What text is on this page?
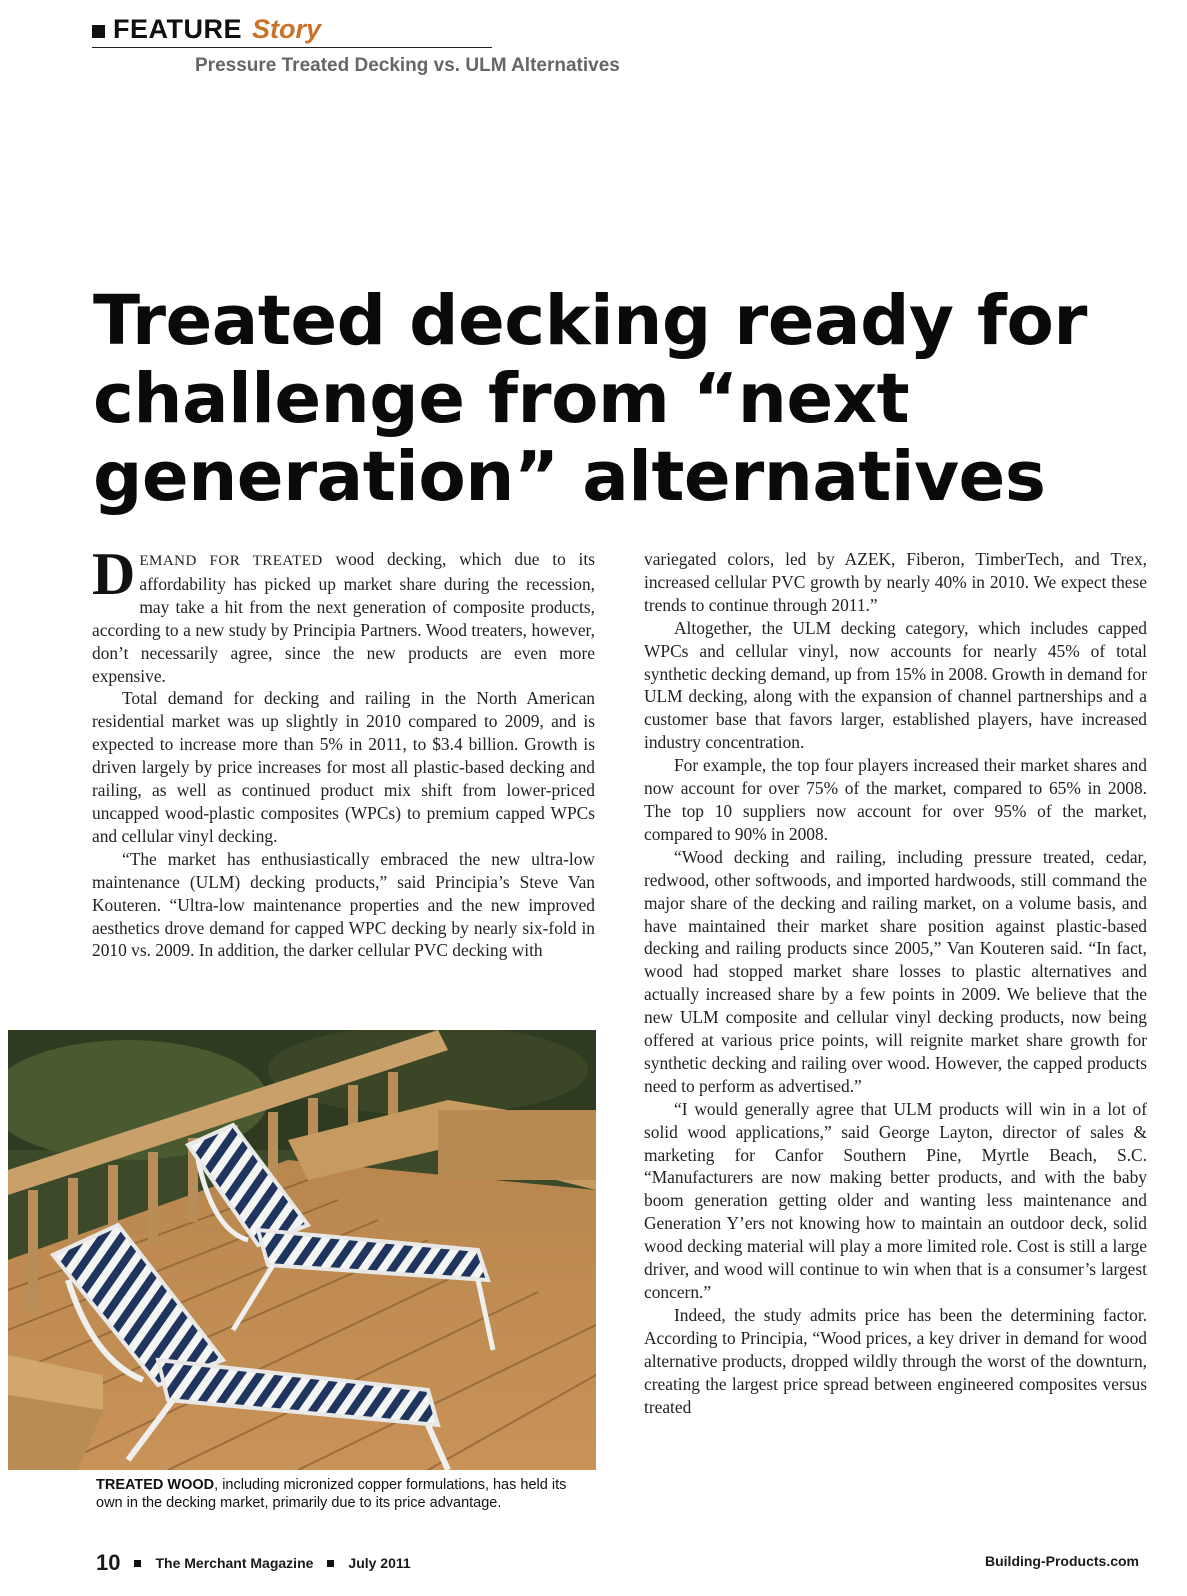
FEATURE Story
Pressure Treated Decking vs. ULM Alternatives
Treated decking ready for challenge from “next generation” alternatives

DEMAND FOR TREATED wood decking, which due to its affordability has picked up market share during the recession, may take a hit from the next generation of composite products, according to a new study by Principia Partners. Wood treaters, however, don’t necessarily agree, since the new products are even more expensive.

Total demand for decking and railing in the North American residential market was up slightly in 2010 compared to 2009, and is expected to increase more than 5% in 2011, to $3.4 billion. Growth is driven largely by price increases for most all plastic-based decking and railing, as well as continued product mix shift from lower-priced uncapped wood-plastic composites (WPCs) to premium capped WPCs and cellular vinyl decking.

“The market has enthusiastically embraced the new ultra-low maintenance (ULM) decking products,” said Principia’s Steve Van Kouteren. “Ultra-low maintenance properties and the new improved aesthetics drove demand for capped WPC decking by nearly six-fold in 2010 vs. 2009. In addition, the darker cellular PVC decking with

TREATED WOOD, including micronized copper formulations, has held its own in the decking market, primarily due to its price advantage.

variegated colors, led by AZEK, Fiberon, TimberTech, and Trex, increased cellular PVC growth by nearly 40% in 2010. We expect these trends to continue through 2011.”

Altogether, the ULM decking category, which includes capped WPCs and cellular vinyl, now accounts for nearly 45% of total synthetic decking demand, up from 15% in 2008. Growth in demand for ULM decking, along with the expansion of channel partnerships and a customer base that favors larger, established players, have increased industry concentration.

For example, the top four players increased their market shares and now account for over 75% of the market, compared to 65% in 2008. The top 10 suppliers now account for over 95% of the market, compared to 90% in 2008.

“Wood decking and railing, including pressure treated, cedar, redwood, other softwoods, and imported hardwoods, still command the major share of the decking and railing market, on a volume basis, and have maintained their market share position against plastic-based decking and railing products since 2005,” Van Kouteren said. “In fact, wood had stopped market share losses to plastic alternatives and actually increased share by a few points in 2009. We believe that the new ULM composite and cellular vinyl decking products, now being offered at various price points, will reignite market share growth for synthetic decking and railing over wood. However, the capped products need to perform as advertised.”

“I would generally agree that ULM products will win in a lot of solid wood applications,” said George Layton, director of sales & marketing for Canfor Southern Pine, Myrtle Beach, S.C. “Manufacturers are now making better products, and with the baby boom generation getting older and wanting less maintenance and Generation Y’ers not knowing how to maintain an outdoor deck, solid wood decking material will play a more limited role. Cost is still a large driver, and wood will continue to win when that is a consumer’s largest concern.”

Indeed, the study admits price has been the determining factor. According to Principia, “Wood prices, a key driver in demand for wood alternative products, dropped wildly through the worst of the downturn, creating the largest price spread between engineered composites versus treated

10	The Merchant Magazine	July 2011	Building-Products.com
